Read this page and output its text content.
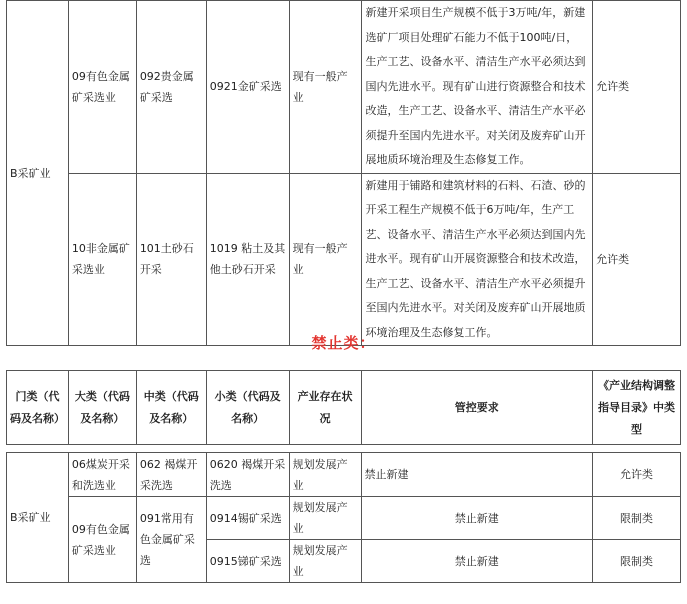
B采矿业	09有色金属矿采选业	092贵金属矿采选	0921金矿采选	现有一般产业	新建开采项目生产规模不低于3万吨/年，新建选矿厂项目处理矿石能力不低于100吨/日，生产工艺、设备水平、清洁生产水平必须达到国内先进水平。现有矿山进行资源整合和技术改造，生产工艺、设备水平、清洁生产水平必须提升至国内先进水平。对关闭及废弃矿山开展地质环境治理及生态修复工作。	允许类
	10非金属矿采选业	101土砂石开采	1019 粘土及其他土砂石开采	现有一般产业	新建用于铺路和建筑材料的石料、石渣、砂的开采工程生产规模不低于6万吨/年，生产工艺、设备水平、清洁生产水平必须达到国内先进水平。现有矿山开展资源整合和技术改造，生产工艺、设备水平、清洁生产水平必须提升至国内先进水平。对关闭及废弃矿山开展地质环境治理及生态修复工作。	允许类
禁止类：
门类（代码及名称）	大类（代码及名称）	中类（代码及名称）	小类（代码及名称）	产业存在状况	管控要求	《产业结构调整指导目录》中类型

B采矿业	06煤炭开采和洗选业	062 褐煤开采洗选	0620 褐煤开采洗选	规划发展产业	禁止新建	允许类
	09有色金属矿采选业	091常用有色金属矿采选	0914锡矿采选	规划发展产业	禁止新建	限制类
			0915锑矿采选	规划发展产业	禁止新建	限制类
